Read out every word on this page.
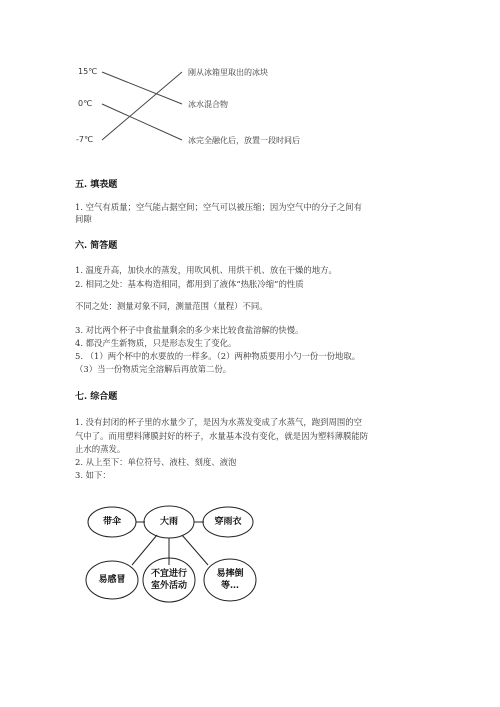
15℃
0℃
-7℃
刚从冰箱里取出的冰块
冰水混合物
冰完全融化后，放置一段时间后
五. 填表题
1. 空气有质量；空气能占据空间；空气可以被压缩；因为空气中的分子之间有
间隙
六. 简答题
1. 温度升高，加快水的蒸发，用吹风机、用烘干机、放在干燥的地方。
2. 相同之处：基本构造相同，都用到了液体“热胀冷缩”的性质
不同之处：测量对象不同，测量范围（量程）不同。
3. 对比两个杯子中食盐量剩余的多少来比较食盐溶解的快慢。
4. 都没产生新物质，只是形态发生了变化。
5. （1）两个杯中的水要放的一样多。（2）两种物质要用小勺一份一份地取。
（3）当一份物质完全溶解后再放第二份。
七. 综合题
1. 没有封闭的杯子里的水量少了，是因为水蒸发变成了水蒸气，跑到周围的空
气中了。而用塑料薄膜封好的杯子，水量基本没有变化，就是因为塑料薄膜能防
止水的蒸发。
2. 从上至下：单位符号、液柱、刻度、液泡
3. 如下：
带伞	大雨	穿雨衣
易感冒
不宜进行
室外活动
易摔倒
等…
